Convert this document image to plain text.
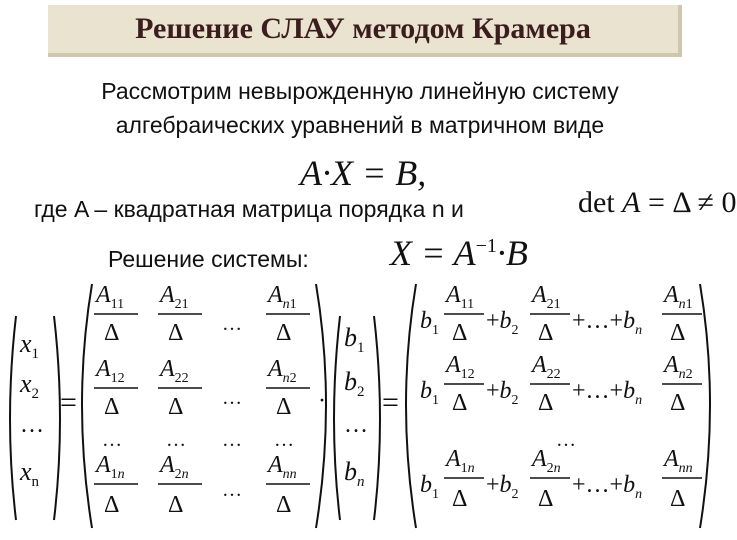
Решение СЛАУ методом Крамера
Рассмотрим невырожденную линейную систему
алгебраических уравнений в матричном виде
A·X = B,
где A – квадратная матрица порядка n и	det A = Δ ≠ 0
Решение системы: $X = A^{-1}\cdot B$
$x_1$
$x_2$
…
$x_n$
=
$A_{11}$
Δ
$A_{21}$
Δ …
$A_n1$
Δ
$A_{12}$
Δ
$A_{22}$
Δ …
$A_n2$
Δ
… … … …
$A_1n$
Δ
$A_2n$
Δ
…
$A_{nn}$
Δ
·
$b_1$
$b_2$
…
$b_n$
=
$b_1$
$A_{11}$
$\Delta +b_2$
$A_{21}$
$\Delta +\dots+b_n$
$A_n1$
Δ
$b_1$
$A_{12}$
$\Delta +b_2$
$A_{22}$
$\Delta +\dots+b_n$
$A_n2$
Δ
…
$b_1$
$A_1n$
Δ
$+b_2$
$A_2n$
Δ
$+\dots+b_n$
$A_{nn}$
Δ
